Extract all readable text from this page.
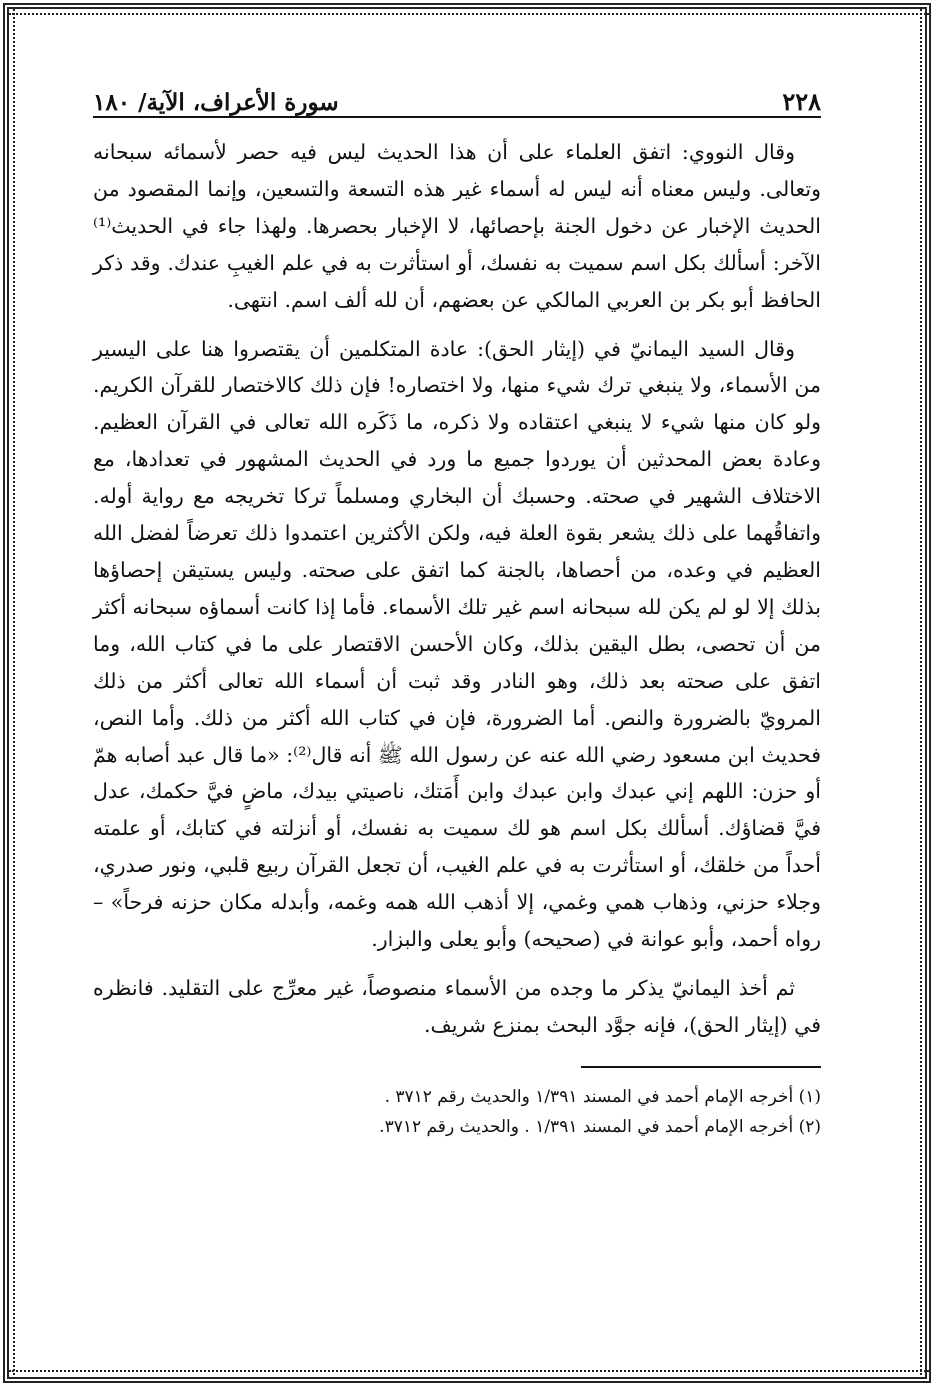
٢٢٨
سورة الأعراف، الآية/ ١٨٠

وقال النووي: اتفق العلماء على أن هذا الحديث ليس فيه حصر لأسمائه سبحانه وتعالى. وليس معناه أنه ليس له أسماء غير هذه التسعة والتسعين، وإنما المقصود من الحديث الإخبار عن دخول الجنة بإحصائها، لا الإخبار بحصرها. ولهذا جاء في الحديث⁽¹⁾ الآخر: أسألك بكل اسم سميت به نفسك، أو استأثرت به في علم الغيبِ عندك. وقد ذكر الحافظ أبو بكر بن العربي المالكي عن بعضهم، أن لله ألف اسم. انتهى.

وقال السيد اليمانيّ في (إيثار الحق): عادة المتكلمين أن يقتصروا هنا على اليسير من الأسماء، ولا ينبغي ترك شيء منها، ولا اختصاره! فإن ذلك كالاختصار للقرآن الكريم. ولو كان منها شيء لا ينبغي اعتقاده ولا ذكره، ما ذَكَره الله تعالى في القرآن العظيم. وعادة بعض المحدثين أن يوردوا جميع ما ورد في الحديث المشهور في تعدادها، مع الاختلاف الشهير في صحته. وحسبك أن البخاري ومسلماً تركا تخريجه مع رواية أوله. واتفاقُهما على ذلك يشعر بقوة العلة فيه، ولكن الأكثرين اعتمدوا ذلك تعرضاً لفضل الله العظيم في وعده، من أحصاها، بالجنة كما اتفق على صحته. وليس يستيقن إحصاؤها بذلك إلا لو لم يكن لله سبحانه اسم غير تلك الأسماء. فأما إذا كانت أسماؤه سبحانه أكثر من أن تحصى، بطل اليقين بذلك، وكان الأحسن الاقتصار على ما في كتاب الله، وما اتفق على صحته بعد ذلك، وهو النادر وقد ثبت أن أسماء الله تعالى أكثر من ذلك المرويّ بالضرورة والنص. أما الضرورة، فإن في كتاب الله أكثر من ذلك. وأما النص، فحديث ابن مسعود رضي الله عنه عن رسول الله ﷺ أنه قال⁽²⁾: «ما قال عبد أصابه همّ أو حزن: اللهم إني عبدك وابن عبدك وابن أَمَتك، ناصيتي بيدك، ماضٍ فيَّ حكمك، عدل فيَّ قضاؤك. أسألك بكل اسم هو لك سميت به نفسك، أو أنزلته في كتابك، أو علمته أحداً من خلقك، أو استأثرت به في علم الغيب، أن تجعل القرآن ربيع قلبي، ونور صدري، وجلاء حزني، وذهاب همي وغمي، إلا أذهب الله همه وغمه، وأبدله مكان حزنه فرحاً» – رواه أحمد، وأبو عوانة في (صحيحه) وأبو يعلى والبزار.

ثم أخذ اليمانيّ يذكر ما وجده من الأسماء منصوصاً، غير معرِّج على التقليد. فانظره في (إيثار الحق)، فإنه جوَّد البحث بمنزع شريف.

(١) أخرجه الإمام أحمد في المسند ١/٣٩١ والحديث رقم ٣٧١٢ .
(٢) أخرجه الإمام أحمد في المسند ١/٣٩١ . والحديث رقم ٣٧١٢.
